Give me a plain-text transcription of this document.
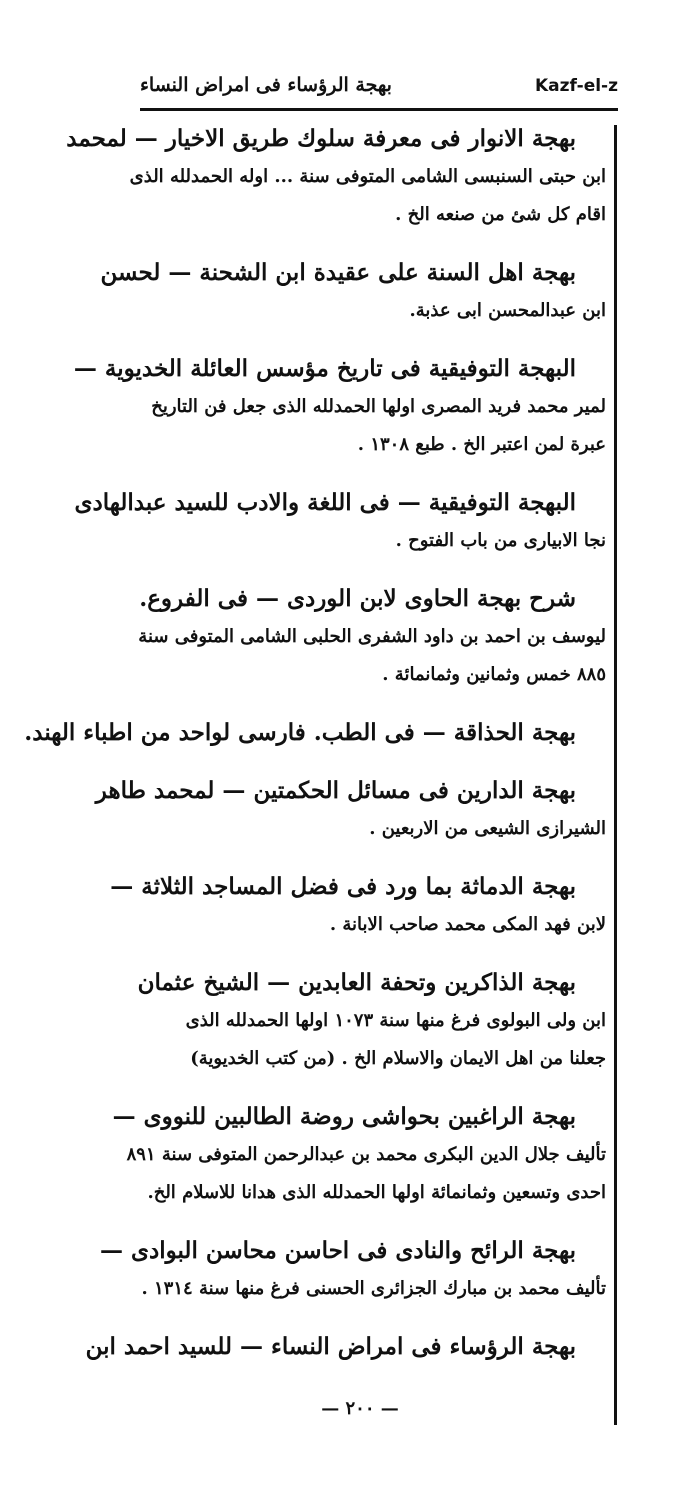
بهجة الرؤساء فى امراض النساء	Kazf-el-z
بهجة الانوار فى معرفة سلوك طريق الاخيار — لمحمد
ابن حبتى السنبسى الشامى المتوفى سنة ... اوله الحمدلله الذى
اقام كل شئ من صنعه الخ .
بهجة اهل السنة على عقيدة ابن الشحنة — لحسن
ابن عبدالمحسن ابى عذبة.
البهجة التوفيقية فى تاريخ مؤسس العائلة الخديوية —
لمير محمد فريد المصرى اولها الحمدلله الذى جعل فن التاريخ
عبرة لمن اعتبر الخ . طبع ١٣٠٨ .
البهجة التوفيقية — فى اللغة والادب للسيد عبدالهادى
نجا الابيارى من باب الفتوح .
شرح بهجة الحاوى لابن الوردى — فى الفروع.
ليوسف بن احمد بن داود الشفرى الحلبى الشامى المتوفى سنة
٨٨٥ خمس وثمانين وثمانمائة .
بهجة الحذاقة — فى الطب. فارسى لواحد من اطباء الهند.
بهجة الدارين فى مسائل الحكمتين — لمحمد طاهر
الشيرازى الشيعى من الاربعين .
بهجة الدماثة بما ورد فى فضل المساجد الثلاثة —
لابن فهد المكى محمد صاحب الابانة .
بهجة الذاكرين وتحفة العابدين — الشيخ عثمان
ابن ولى البولوى فرغ منها سنة ١٠٧٣ اولها الحمدلله الذى
جعلنا من اهل الايمان والاسلام الخ . (من كتب الخديوية)
بهجة الراغبين بحواشى روضة الطالبين للنووى —
تأليف جلال الدين البكرى محمد بن عبدالرحمن المتوفى سنة ٨٩١
احدى وتسعين وثمانمائة اولها الحمدلله الذى هدانا للاسلام الخ.
بهجة الرائح والنادى فى احاسن محاسن البوادى —
تأليف محمد بن مبارك الجزائرى الحسنى فرغ منها سنة ١٣١٤ .
بهجة الرؤساء فى امراض النساء — للسيد احمد ابن
— ٢٠٠ —
